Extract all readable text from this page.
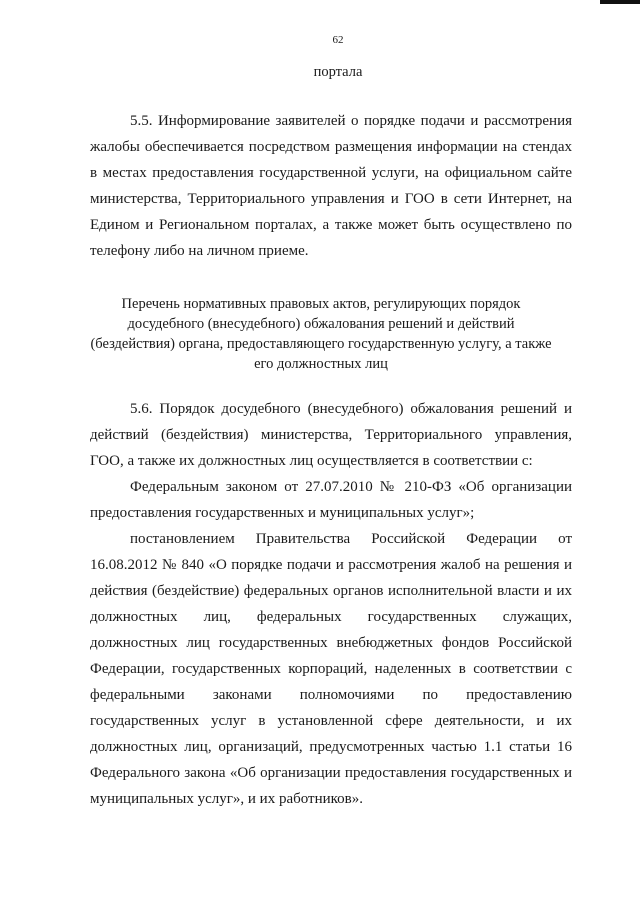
62
портала

5.5. Информирование заявителей о порядке подачи и рассмотрения жалобы обеспечивается посредством размещения информации на стендах в местах предоставления государственной услуги, на официальном сайте министерства, Территориального управления и ГОО в сети Интернет, на Едином и Региональном порталах, а также может быть осуществлено по телефону либо на личном приеме.

Перечень нормативных правовых актов, регулирующих порядок досудебного (внесудебного) обжалования решений и действий (бездействия) органа, предоставляющего государственную услугу, а также его должностных лиц

5.6. Порядок досудебного (внесудебного) обжалования решений и действий (бездействия) министерства, Территориального управления, ГОО, а также их должностных лиц осуществляется в соответствии с:

Федеральным законом от 27.07.2010 № 210-ФЗ «Об организации предоставления государственных и муниципальных услуг»;

постановлением Правительства Российской Федерации от 16.08.2012 № 840 «О порядке подачи и рассмотрения жалоб на решения и действия (бездействие) федеральных органов исполнительной власти и их должностных лиц, федеральных государственных служащих, должностных лиц государственных внебюджетных фондов Российской Федерации, государственных корпораций, наделенных в соответствии с федеральными законами полномочиями по предоставлению государственных услуг в установленной сфере деятельности, и их должностных лиц, организаций, предусмотренных частью 1.1 статьи 16 Федерального закона «Об организации предоставления государственных и муниципальных услуг», и их работников».
